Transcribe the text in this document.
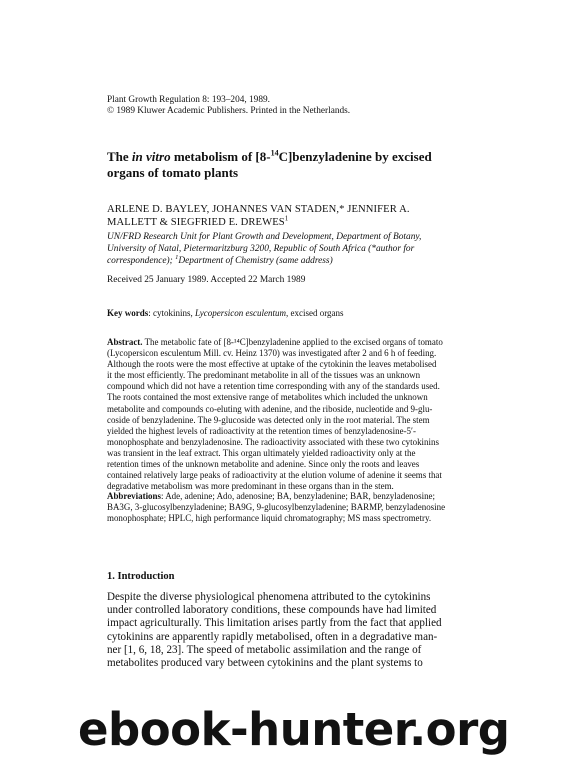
Plant Growth Regulation 8: 193–204, 1989.
© 1989 Kluwer Academic Publishers. Printed in the Netherlands.
The in vitro metabolism of [8-$^{14}$C]benzyladenine by excised
organs of tomato plants
ARLENE D. BAYLEY, JOHANNES VAN STADEN,* JENNIFER A.
MALLETT & SIEGFRIED E. DREWES$^1$
UN/FRD Research Unit for Plant Growth and Development, Department of Botany,
University of Natal, Pietermaritzburg 3200, Republic of South Africa (*author for
correspondence); $^1$Department of Chemistry (same address)
Received 25 January 1989. Accepted 22 March 1989
Key words: cytokinins, Lycopersicon esculentum, excised organs
Abstract. The metabolic fate of [8-¹⁴C]benzyladenine applied to the excised organs of tomato
(Lycopersicon esculentum Mill. cv. Heinz 1370) was investigated after 2 and 6 h of feeding.
Although the roots were the most effective at uptake of the cytokinin the leaves metabolised
it the most efficiently. The predominant metabolite in all of the tissues was an unknown
compound which did not have a retention time corresponding with any of the standards used.
The roots contained the most extensive range of metabolites which included the unknown
metabolite and compounds co-eluting with adenine, and the riboside, nucleotide and 9-glu-
coside of benzyladenine. The 9-glucoside was detected only in the root material. The stem
yielded the highest levels of radioactivity at the retention times of benzyladenosine-5′-
monophosphate and benzyladenosine. The radioactivity associated with these two cytokinins
was transient in the leaf extract. This organ ultimately yielded radioactivity only at the
retention times of the unknown metabolite and adenine. Since only the roots and leaves
contained relatively large peaks of radioactivity at the elution volume of adenine it seems that
degradative metabolism was more predominant in these organs than in the stem.
Abbreviations: Ade, adenine; Ado, adenosine; BA, benzyladenine; BAR, benzyladenosine;
BA3G, 3-glucosylbenzyladenine; BA9G, 9-glucosylbenzyladenine; BARMP, benzyladenosine
monophosphate; HPLC, high performance liquid chromatography; MS mass spectrometry.
1. Introduction
Despite the diverse physiological phenomena attributed to the cytokinins
under controlled laboratory conditions, these compounds have had limited
impact agriculturally. This limitation arises partly from the fact that applied
cytokinins are apparently rapidly metabolised, often in a degradative man-
ner [1, 6, 18, 23]. The speed of metabolic assimilation and the range of
metabolites produced vary between cytokinins and the plant systems to
ebook-hunter.org
